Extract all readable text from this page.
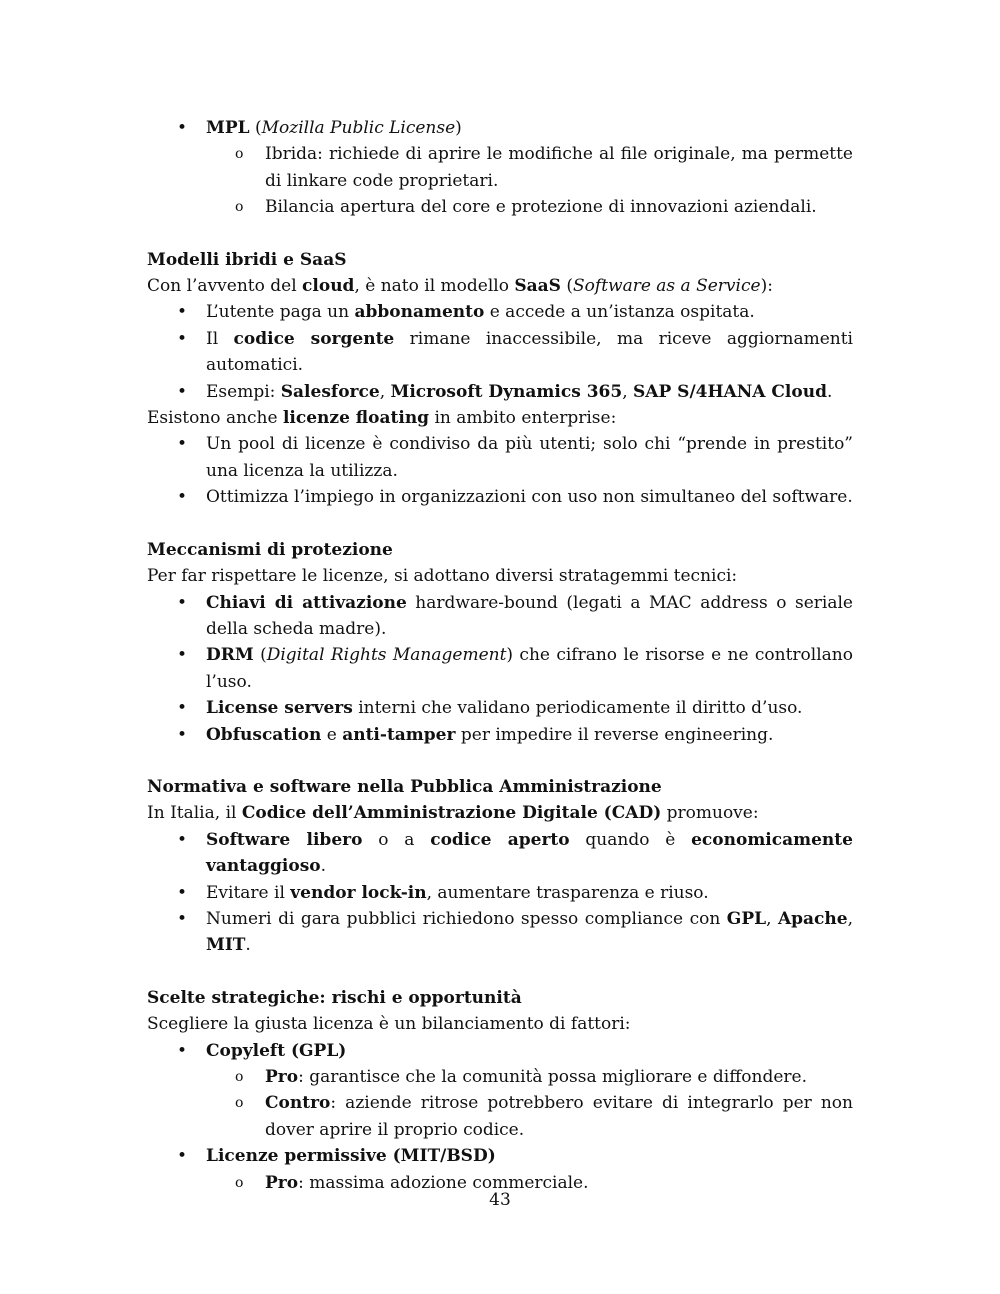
• MPL (Mozilla Public License)
o Ibrida: richiede di aprire le modifiche al file originale, ma permette di linkare code proprietari.
o Bilancia apertura del core e protezione di innovazioni aziendali.
Modelli ibridi e SaaS
Con l’avvento del cloud, è nato il modello SaaS (Software as a Service):
• L’utente paga un abbonamento e accede a un’istanza ospitata.
• Il codice sorgente rimane inaccessibile, ma riceve aggiornamenti automatici.
• Esempi: Salesforce, Microsoft Dynamics 365, SAP S/4HANA Cloud.
Esistono anche licenze floating in ambito enterprise:
• Un pool di licenze è condiviso da più utenti; solo chi “prende in prestito” una licenza la utilizza.
• Ottimizza l’impiego in organizzazioni con uso non simultaneo del software.
Meccanismi di protezione
Per far rispettare le licenze, si adottano diversi stratagemmi tecnici:
• Chiavi di attivazione hardware-bound (legati a MAC address o seriale della scheda madre).
• DRM (Digital Rights Management) che cifrano le risorse e ne controllano l’uso.
• License servers interni che validano periodicamente il diritto d’uso.
• Obfuscation e anti-tamper per impedire il reverse engineering.
Normativa e software nella Pubblica Amministrazione
In Italia, il Codice dell’Amministrazione Digitale (CAD) promuove:
• Software libero o a codice aperto quando è economicamente vantaggioso.
• Evitare il vendor lock-in, aumentare trasparenza e riuso.
• Numeri di gara pubblici richiedono spesso compliance con GPL, Apache, MIT.
Scelte strategiche: rischi e opportunità
Scegliere la giusta licenza è un bilanciamento di fattori:
• Copyleft (GPL)
o Pro: garantisce che la comunità possa migliorare e diffondere.
o Contro: aziende ritrose potrebbero evitare di integrarlo per non dover aprire il proprio codice.
• Licenze permissive (MIT/BSD)
o Pro: massima adozione commerciale.
43
